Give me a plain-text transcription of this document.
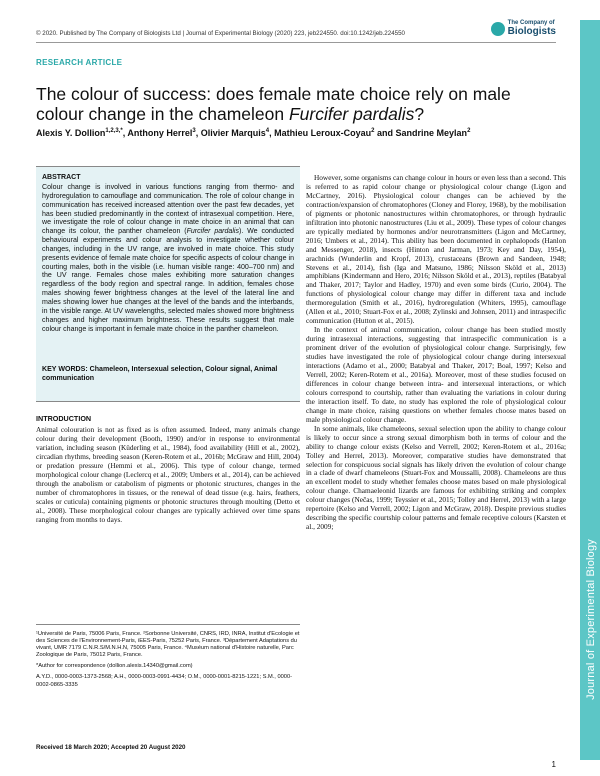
Journal of Experimental Biology
© 2020. Published by The Company of Biologists Ltd | Journal of Experimental Biology (2020) 223, jeb224550. doi:10.1242/jeb.224550
The Company of
Biologists
RESEARCH ARTICLE
The colour of success: does female mate choice rely on male colour change in the chameleon Furcifer pardalis?
Alexis Y. Dollion$^{1,2,3,*}$, Anthony Herrel$^3$, Olivier Marquis$^4$, Mathieu Leroux-Coyau$^2$ and Sandrine Meylan$^2$
ABSTRACT
Colour change is involved in various functions ranging from thermo- and hydroregulation to camouflage and communication. The role of colour change in communication has received increased attention over the past few decades, yet has been studied predominantly in the context of intrasexual competition. Here, we investigate the role of colour change in mate choice in an animal that can change its colour, the panther chameleon (Furcifer pardalis). We conducted behavioural experiments and colour analysis to investigate whether colour changes, including in the UV range, are involved in mate choice. This study presents evidence of female mate choice for specific aspects of colour change in courting males, both in the visible (i.e. human visible range: 400–700 nm) and the UV range. Females chose males exhibiting more saturation changes regardless of the body region and spectral range. In addition, females chose males showing fewer brightness changes at the level of the lateral line and males showing lower hue changes at the level of the bands and the interbands, in the visible range. At UV wavelengths, selected males showed more brightness changes and higher maximum brightness. These results suggest that male colour change is important in female mate choice in the panther chameleon.
KEY WORDS: Chameleon, Intersexual selection, Colour signal, Animal communication
INTRODUCTION

Animal colouration is not as fixed as is often assumed. Indeed, many animals change colour during their development (Booth, 1990) and/or in response to environmental variation, including season (Küderling et al., 1984), food availability (Hill et al., 2002), circadian rhythms, breeding season (Keren-Rotem et al., 2016b; McGraw and Hill, 2004) or predation pressure (Hemmi et al., 2006). This type of colour change, termed morphological colour change (Leclercq et al., 2009; Umbers et al., 2014), can be achieved through the anabolism or catabolism of pigments or photonic structures, changes in the number of chromatophores in tissues, or the renewal of dead tissue (e.g. hairs, feathers, scales or cuticula) containing pigments or photonic structures through moulting (Detto et al., 2008). These morphological colour changes are typically achieved over time spans ranging from months to days.

¹Université de Paris, 75006 Paris, France. ²Sorbonne Université, CNRS, IRD, INRA, Institut d'Ecologie et des Sciences de l'Environnement-Paris, iEES-Paris, 75252 Paris, France. ³Département Adaptations du vivant, UMR 7179 C.N.R.S/M.N.H.N, 75005 Paris, France. ⁴Muséum national d'Histoire naturelle, Parc Zoologique de Paris, 75012 Paris, France.

*Author for correspondence (dollion.alexis.14340@gmail.com)

A.Y.D., 0000-0003-1373-2568; A.H., 0000-0003-0991-4434; O.M., 0000-0001-8215-1221; S.M., 0000-0002-0865-3335

Received 18 March 2020; Accepted 20 August 2020

However, some organisms can change colour in hours or even less than a second. This is referred to as rapid colour change or physiological colour change (Ligon and McCartney, 2016). Physiological colour changes can be achieved by the contraction/expansion of chromatophores (Cloney and Florey, 1968), by the mobilisation of pigments or photonic nanostructures within chromatophores, or through hydraulic infiltration into photonic nanostructures (Liu et al., 2009). These types of colour changes are typically mediated by hormones and/or neurotransmitters (Ligon and McCartney, 2016; Umbers et al., 2014). This ability has been documented in cephalopods (Hanlon and Messenger, 2018), insects (Hinton and Jarman, 1973; Key and Day, 1954), arachnids (Wunderlin and Kropf, 2013), crustaceans (Brown and Sandeen, 1948; Stevens et al., 2014), fish (Iga and Matsuno, 1986; Nilsson Sköld et al., 2013) amphibians (Kindermann and Hero, 2016; Nilsson Sköld et al., 2013), reptiles (Batabyal and Thaker, 2017; Taylor and Hadley, 1970) and even some birds (Curio, 2004). The functions of physiological colour change may differ in different taxa and include thermoregulation (Smith et al., 2016), hydroregulation (Whiters, 1995), camouflage (Allen et al., 2010; Stuart-Fox et al., 2008; Zylinski and Johnsen, 2011) and intraspecific communication (Hutton et al., 2015).

In the context of animal communication, colour change has been studied mostly during intrasexual interactions, suggesting that intraspecific communication is a prominent driver of the evolution of physiological colour change. Surprisingly, few studies have investigated the role of physiological colour change during intersexual interactions (Adamo et al., 2000; Batabyal and Thaker, 2017; Boal, 1997; Kelso and Verrell, 2002; Keren-Rotem et al., 2016a). Moreover, most of these studies focused on differences in colour change between intra- and intersexual interactions, or which colours correspond to courtship, rather than evaluating the variations in colour during the interaction itself. To date, no study has explored the role of physiological colour change in mate choice, raising questions on whether females choose mates based on male physiological colour change.

In some animals, like chameleons, sexual selection upon the ability to change colour is likely to occur since a strong sexual dimorphism both in terms of colour and the ability to change colour exists (Kelso and Verrell, 2002; Keren-Rotem et al., 2016a; Tolley and Herrel, 2013). Moreover, comparative studies have demonstrated that selection for conspicuous social signals has likely driven the evolution of colour change in a clade of dwarf chameleons (Stuart-Fox and Moussalli, 2008). Chameleons are thus an excellent model to study whether females choose mates based on male physiological colour change. Chamaeleonid lizards are famous for exhibiting striking and complex colour changes (Nečas, 1999; Teyssier et al., 2015; Tolley and Herrel, 2013) with a large repertoire (Kelso and Verrell, 2002; Ligon and McGraw, 2018). Despite previous studies describing the specific courtship colour patterns and female receptive colours (Karsten et al., 2009;

1
